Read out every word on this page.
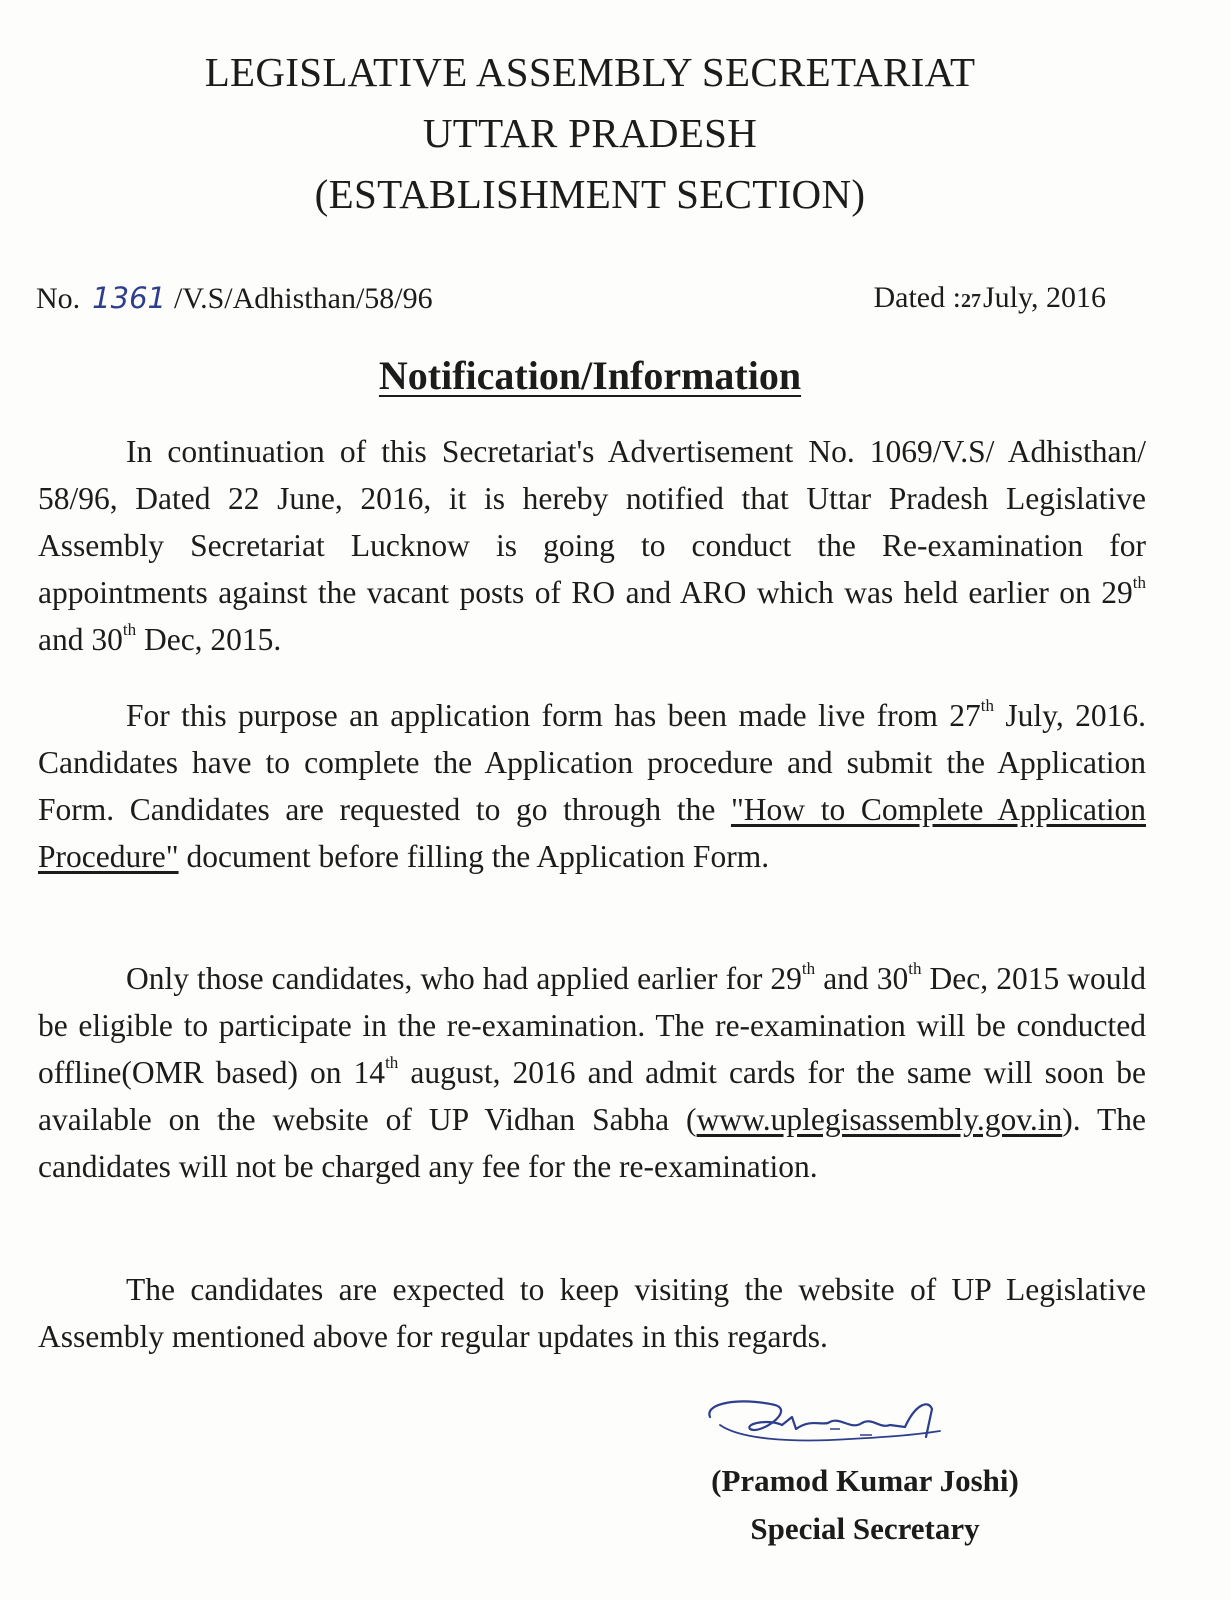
LEGISLATIVE ASSEMBLY SECRETARIAT
UTTAR PRADESH
(ESTABLISHMENT SECTION)
No. 1361 /V.S/Adhisthan/58/96	Dated :27July, 2016
Notification/Information

In continuation of this Secretariat's Advertisement No. 1069/V.S/ Adhisthan/ 58/96, Dated 22 June, 2016, it is hereby notified that Uttar Pradesh Legislative Assembly Secretariat Lucknow is going to conduct the Re-examination for appointments against the vacant posts of RO and ARO which was held earlier on 29th and 30th Dec, 2015.

For this purpose an application form has been made live from 27th July, 2016. Candidates have to complete the Application procedure and submit the Application Form. Candidates are requested to go through the "How to Complete Application Procedure" document before filling the Application Form.

Only those candidates, who had applied earlier for 29th and 30th Dec, 2015 would be eligible to participate in the re-examination. The re-examination will be conducted offline(OMR based) on 14th august, 2016 and admit cards for the same will soon be available on the website of UP Vidhan Sabha (www.uplegisassembly.gov.in). The candidates will not be charged any fee for the re-examination.

The candidates are expected to keep visiting the website of UP Legislative Assembly mentioned above for regular updates in this regards.

(Pramod Kumar Joshi)
Special Secretary
